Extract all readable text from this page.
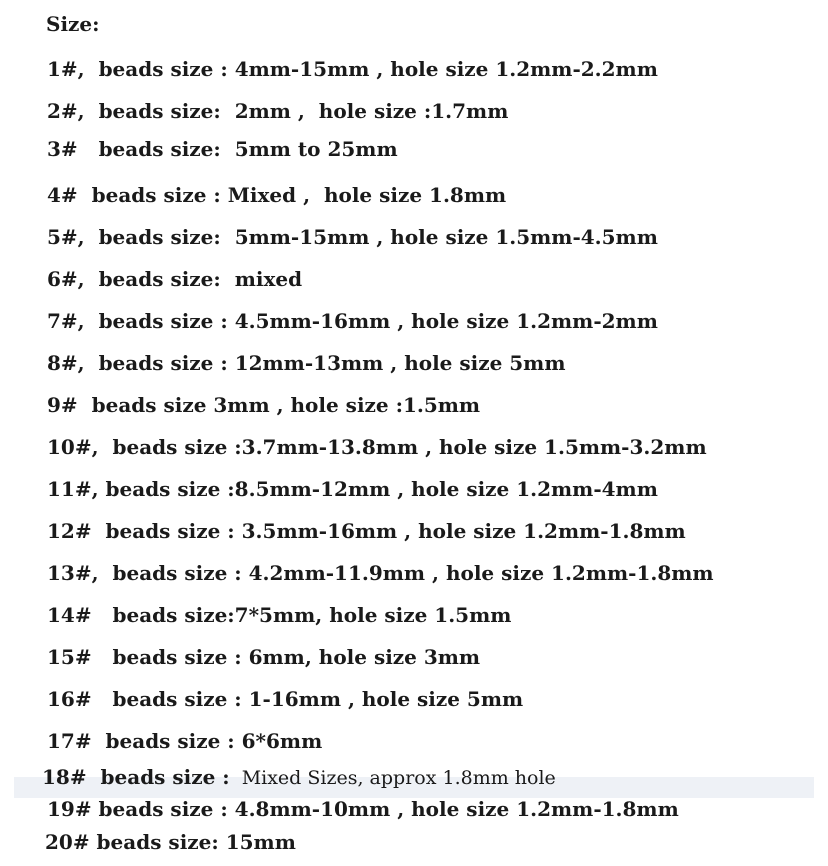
Size:
1#,  beads size : 4mm-15mm , hole size 1.2mm-2.2mm
2#,  beads size:  2mm ,  hole size :1.7mm
3#   beads size:  5mm to 25mm
4#  beads size : Mixed ,  hole size 1.8mm
5#,  beads size:  5mm-15mm , hole size 1.5mm-4.5mm
6#,  beads size:  mixed
7#,  beads size : 4.5mm-16mm , hole size 1.2mm-2mm
8#,  beads size : 12mm-13mm , hole size 5mm
9#  beads size 3mm , hole size :1.5mm
10#,  beads size :3.7mm-13.8mm , hole size 1.5mm-3.2mm
11#, beads size :8.5mm-12mm , hole size 1.2mm-4mm
12#  beads size : 3.5mm-16mm , hole size 1.2mm-1.8mm
13#,  beads size : 4.2mm-11.9mm , hole size 1.2mm-1.8mm
14#   beads size:7*5mm, hole size 1.5mm
15#   beads size : 6mm, hole size 3mm
16#   beads size : 1-16mm , hole size 5mm
17#  beads size : 6*6mm
18#  beads size : Mixed Sizes, approx 1.8mm hole
19# beads size : 4.8mm-10mm , hole size 1.2mm-1.8mm
20# beads size: 15mm
